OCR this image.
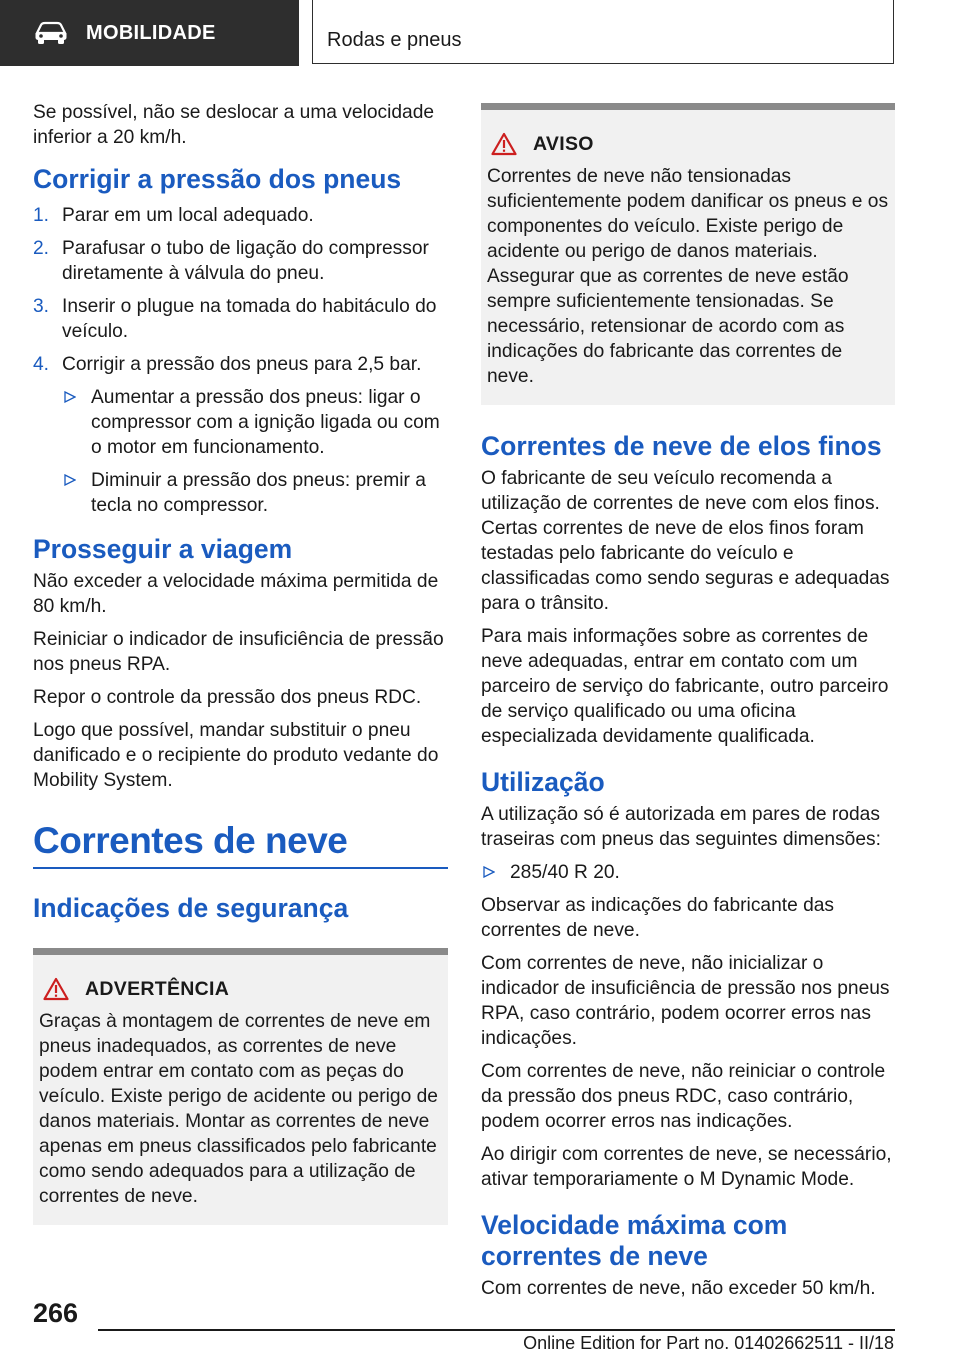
MOBILIDADE	Rodas e pneus

Se possível, não se deslocar a uma velocidade inferior a 20 km/h.

Corrigir a pressão dos pneus
1. Parar em um local adequado.
2. Parafusar o tubo de ligação do compressor diretamente à válvula do pneu.
3. Inserir o plugue na tomada do habitáculo do veículo.
4. Corrigir a pressão dos pneus para 2,5 bar.
Aumentar a pressão dos pneus: ligar o compressor com a ignição ligada ou com o motor em funcionamento.
Diminuir a pressão dos pneus: premir a tecla no compressor.
Prosseguir a viagem

Não exceder a velocidade máxima permitida de 80 km/h.

Reiniciar o indicador de insuficiência de pressão nos pneus RPA.

Repor o controle da pressão dos pneus RDC.

Logo que possível, mandar substituir o pneu danificado e o recipiente do produto vedante do Mobility System.

Correntes de neve
Indicações de segurança
ADVERTÊNCIA

Graças à montagem de correntes de neve em pneus inadequados, as correntes de neve podem entrar em contato com as peças do veículo. Existe perigo de acidente ou perigo de danos materiais. Montar as correntes de neve apenas em pneus classificados pelo fabricante como sendo adequados para a utilização de correntes de neve.

AVISO

Correntes de neve não tensionadas suficientemente podem danificar os pneus e os componentes do veículo. Existe perigo de acidente ou perigo de danos materiais. Assegurar que as correntes de neve estão sempre suficientemente tensionadas. Se necessário, retensionar de acordo com as indicações do fabricante das correntes de neve.

Correntes de neve de elos finos

O fabricante de seu veículo recomenda a utilização de correntes de neve com elos finos. Certas correntes de neve de elos finos foram testadas pelo fabricante do veículo e classificadas como sendo seguras e adequadas para o trânsito.

Para mais informações sobre as correntes de neve adequadas, entrar em contato com um parceiro de serviço do fabricante, outro parceiro de serviço qualificado ou uma oficina especializada devidamente qualificada.

Utilização

A utilização só é autorizada em pares de rodas traseiras com pneus das seguintes dimensões:

285/40 R 20.

Observar as indicações do fabricante das correntes de neve.

Com correntes de neve, não inicializar o indicador de insuficiência de pressão nos pneus RPA, caso contrário, podem ocorrer erros nas indicações.

Com correntes de neve, não reiniciar o controle da pressão dos pneus RDC, caso contrário, podem ocorrer erros nas indicações.

Ao dirigir com correntes de neve, se necessário, ativar temporariamente o M Dynamic Mode.

Velocidade máxima com correntes de neve

Com correntes de neve, não exceder 50 km/h.

266
Online Edition for Part no. 01402662511 - II/18
